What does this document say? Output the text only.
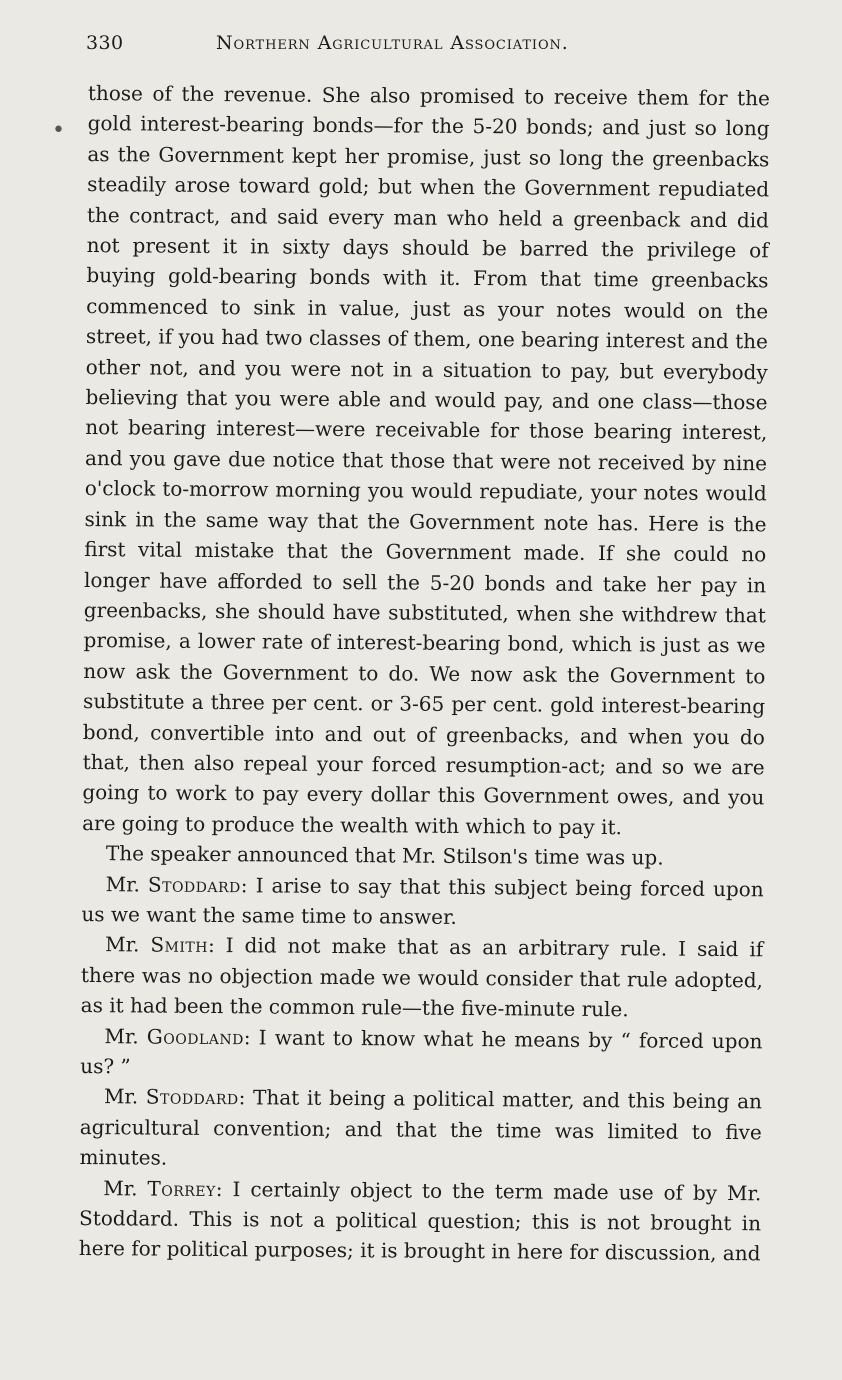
330	Northern Agricultural Association.
•

those of the revenue. She also promised to receive them for the gold interest-bearing bonds—for the 5-20 bonds; and just so long as the Government kept her promise, just so long the greenbacks steadily arose toward gold; but when the Government repudiated the contract, and said every man who held a greenback and did not present it in sixty days should be barred the privilege of buying gold-bearing bonds with it. From that time greenbacks commenced to sink in value, just as your notes would on the street, if you had two classes of them, one bearing interest and the other not, and you were not in a situation to pay, but everybody believing that you were able and would pay, and one class—those not bearing interest—were receivable for those bearing interest, and you gave due notice that those that were not received by nine o'clock to-morrow morning you would repudiate, your notes would sink in the same way that the Government note has. Here is the first vital mistake that the Government made. If she could no longer have afforded to sell the 5-20 bonds and take her pay in greenbacks, she should have substituted, when she withdrew that promise, a lower rate of interest-bearing bond, which is just as we now ask the Government to do. We now ask the Government to substitute a three per cent. or 3-65 per cent. gold interest-bearing bond, convertible into and out of greenbacks, and when you do that, then also repeal your forced resumption-act; and so we are going to work to pay every dollar this Government owes, and you are going to produce the wealth with which to pay it.

The speaker announced that Mr. Stilson's time was up.

Mr. Stoddard: I arise to say that this subject being forced upon us we want the same time to answer.

Mr. Smith: I did not make that as an arbitrary rule. I said if there was no objection made we would consider that rule adopted, as it had been the common rule—the five-minute rule.

Mr. Goodland: I want to know what he means by “ forced upon us? ”

Mr. Stoddard: That it being a political matter, and this being an agricultural convention; and that the time was limited to five minutes.

Mr. Torrey: I certainly object to the term made use of by Mr. Stoddard. This is not a political question; this is not brought in here for political purposes; it is brought in here for discussion, and
